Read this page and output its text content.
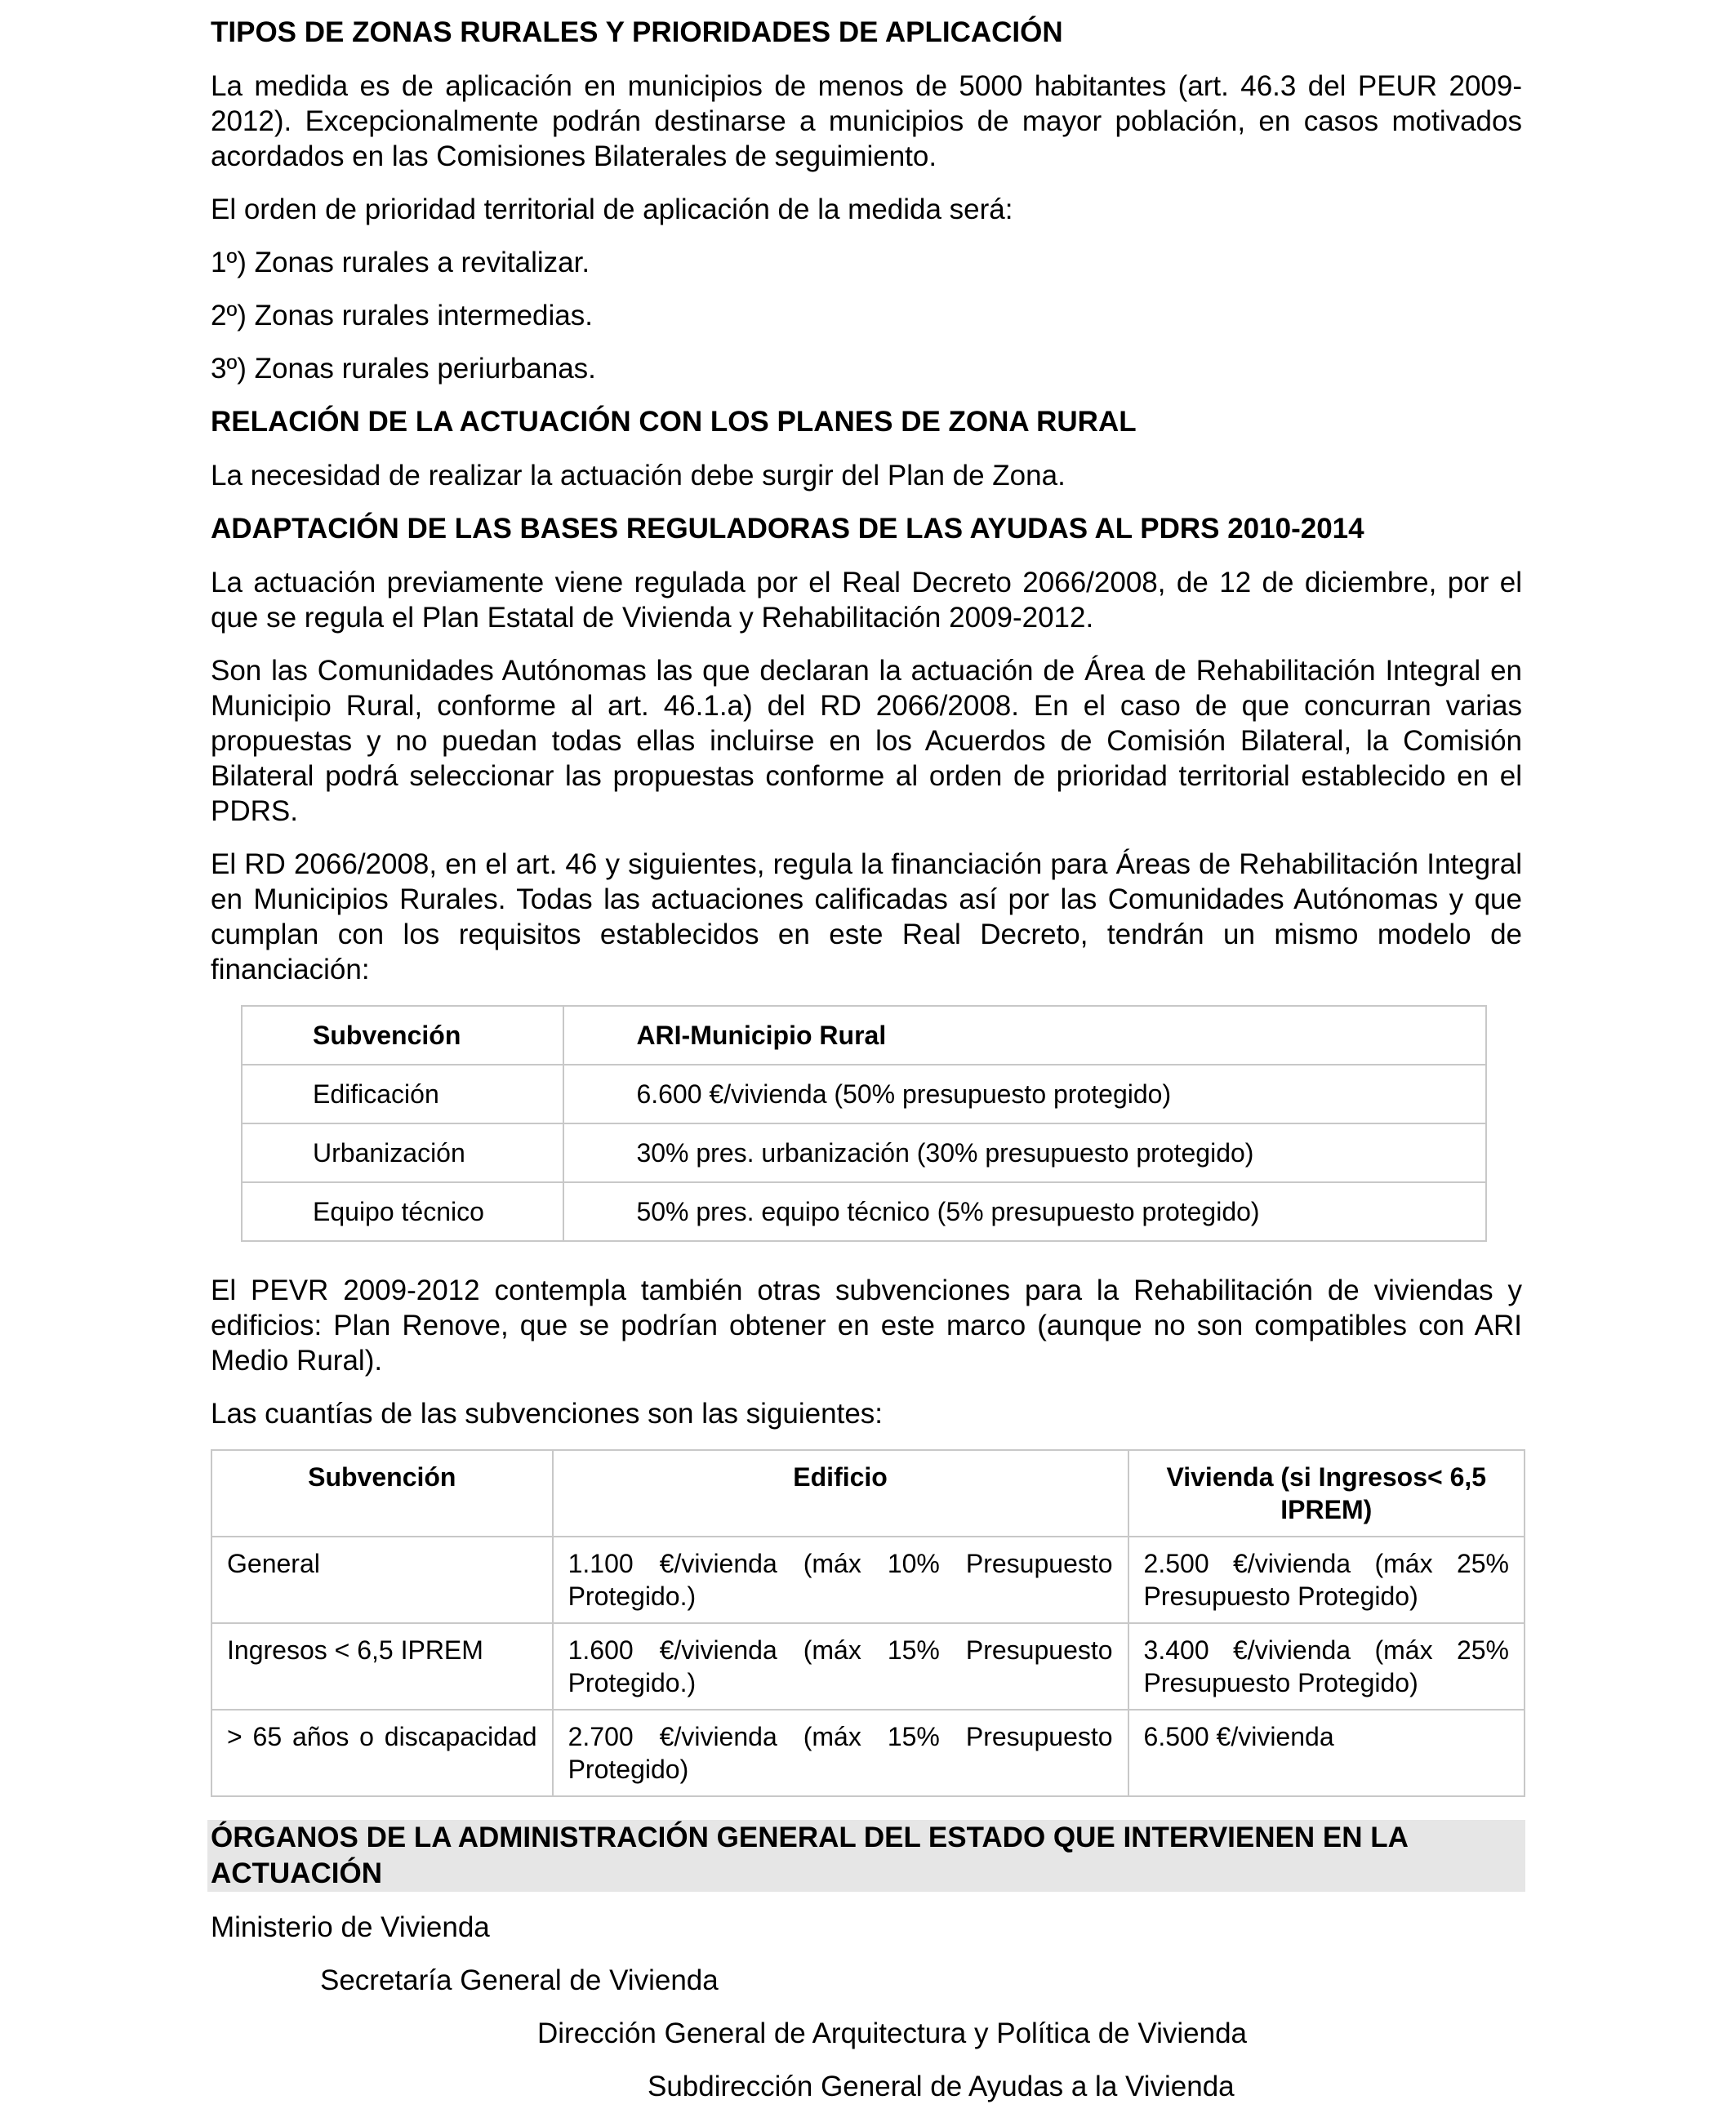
TIPOS DE ZONAS RURALES Y PRIORIDADES DE APLICACIÓN

La medida es de aplicación en municipios de menos de 5000 habitantes (art. 46.3 del PEUR 2009-2012). Excepcionalmente podrán destinarse a municipios de mayor población, en casos motivados acordados en las Comisiones Bilaterales de seguimiento.

El orden de prioridad territorial de aplicación de la medida será:

1º) Zonas rurales a revitalizar.
2º) Zonas rurales intermedias.
3º) Zonas rurales periurbanas.
RELACIÓN DE LA ACTUACIÓN CON LOS PLANES DE ZONA RURAL

La necesidad de realizar la actuación debe surgir del Plan de Zona.

ADAPTACIÓN DE LAS BASES REGULADORAS DE LAS AYUDAS AL PDRS 2010-2014

La actuación previamente viene regulada por el Real Decreto 2066/2008, de 12 de diciembre, por el que se regula el Plan Estatal de Vivienda y Rehabilitación 2009-2012.

Son las Comunidades Autónomas las que declaran la actuación de Área de Rehabilitación Integral en Municipio Rural, conforme al art. 46.1.a) del RD 2066/2008. En el caso de que concurran varias propuestas y no puedan todas ellas incluirse en los Acuerdos de Comisión Bilateral, la Comisión Bilateral podrá seleccionar las propuestas conforme al orden de prioridad territorial establecido en el PDRS.

El RD 2066/2008, en el art. 46 y siguientes, regula la financiación para Áreas de Rehabilitación Integral en Municipios Rurales. Todas las actuaciones calificadas así por las Comunidades Autónomas y que cumplan con los requisitos establecidos en este Real Decreto, tendrán un mismo modelo de financiación:

Subvención	ARI-Municipio Rural
Edificación	6.600 €/vivienda (50% presupuesto protegido)
Urbanización	30% pres. urbanización (30% presupuesto protegido)
Equipo técnico	50% pres. equipo técnico (5% presupuesto protegido)

El PEVR 2009-2012 contempla también otras subvenciones para la Rehabilitación de viviendas y edificios: Plan Renove, que se podrían obtener en este marco (aunque no son compatibles con ARI Medio Rural).

Las cuantías de las subvenciones son las siguientes:

Subvención	Edificio	Vivienda (si Ingresos< 6,5 IPREM)
General	1.100 €/vivienda (máx 10% Presupuesto Protegido.)	2.500 €/vivienda (máx 25% Presupuesto Protegido)
Ingresos < 6,5 IPREM	1.600 €/vivienda (máx 15% Presupuesto Protegido.)	3.400 €/vivienda (máx 25% Presupuesto Protegido)
> 65 años o discapacidad	2.700 €/vivienda (máx 15% Presupuesto Protegido)	6.500 €/vivienda
ÓRGANOS DE LA ADMINISTRACIÓN GENERAL DEL ESTADO QUE INTERVIENEN EN LA ACTUACIÓN
Ministerio de Vivienda
Secretaría General de Vivienda
Dirección General de Arquitectura y Política de Vivienda
Subdirección General de Ayudas a la Vivienda
